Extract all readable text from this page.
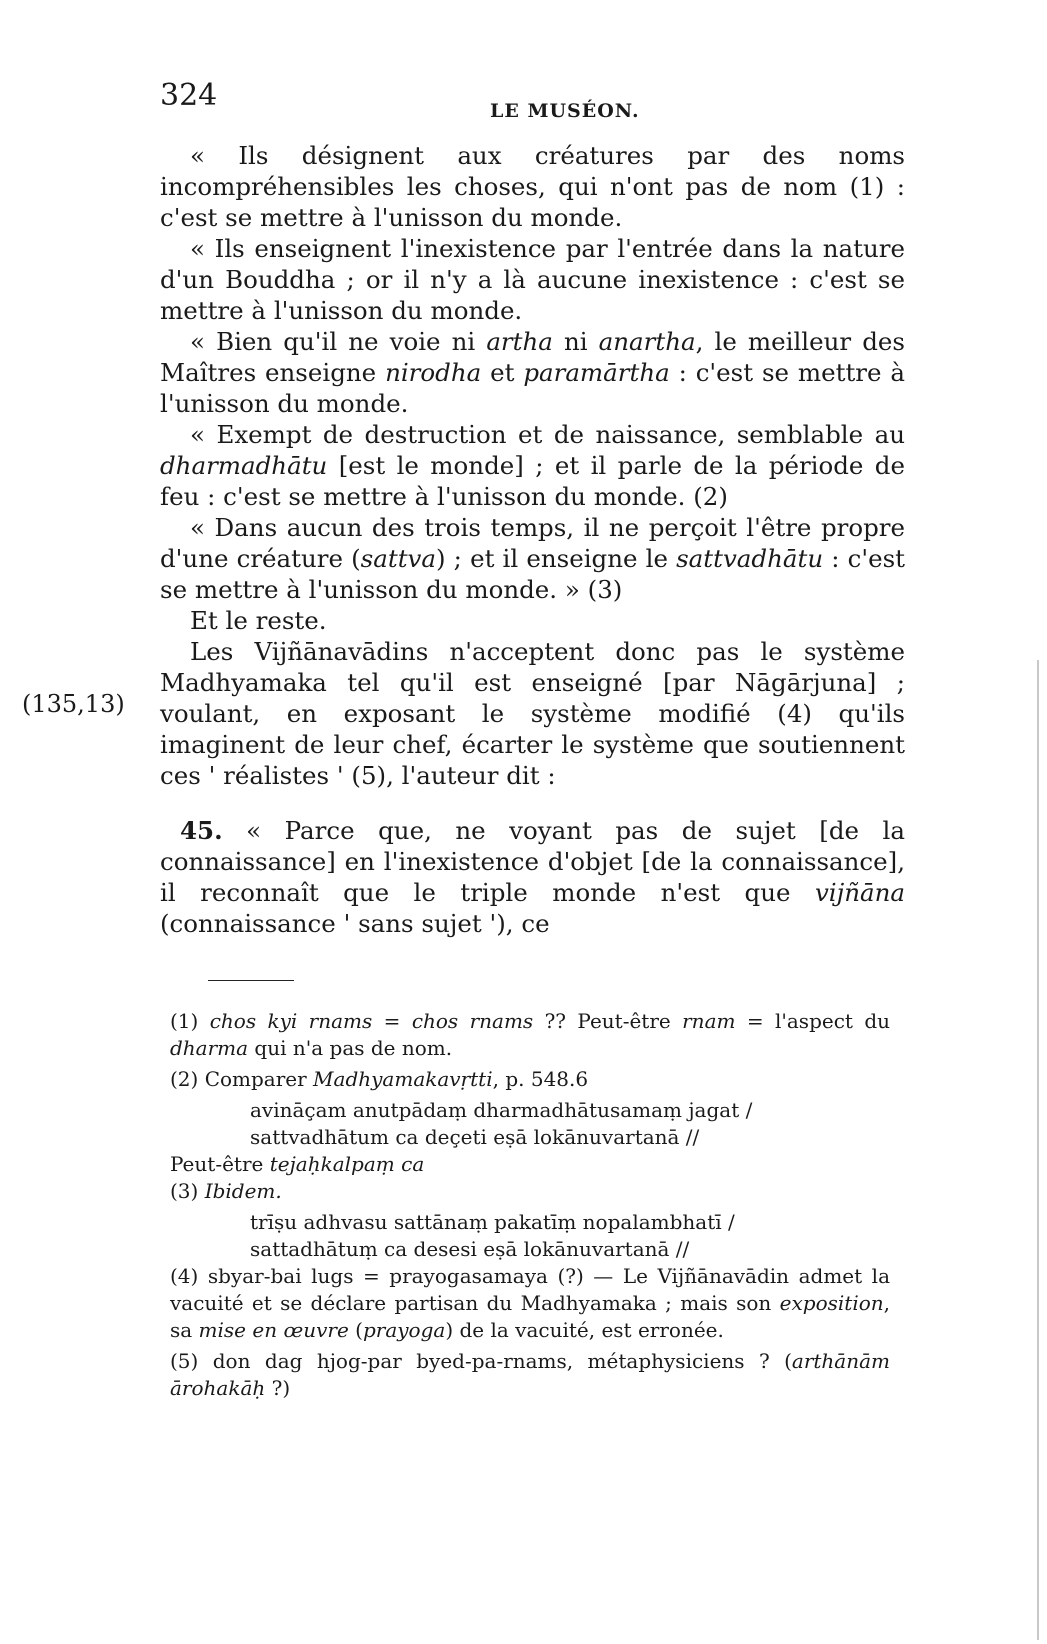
324	LE MUSÉON.
(135,13)

« Ils désignent aux créatures par des noms incompréhensibles les choses, qui n'ont pas de nom (1) : c'est se mettre à l'unisson du monde.

« Ils enseignent l'inexistence par l'entrée dans la nature d'un Bouddha ; or il n'y a là aucune inexistence : c'est se mettre à l'unisson du monde.

« Bien qu'il ne voie ni artha ni anartha, le meilleur des Maîtres enseigne nirodha et paramārtha : c'est se mettre à l'unisson du monde.

« Exempt de destruction et de naissance, semblable au dharmadhātu [est le monde] ; et il parle de la période de feu : c'est se mettre à l'unisson du monde. (2)

« Dans aucun des trois temps, il ne perçoit l'être propre d'une créature (sattva) ; et il enseigne le sattvadhātu : c'est se mettre à l'unisson du monde. » (3)

Et le reste.

Les Vijñānavādins n'acceptent donc pas le système Madhyamaka tel qu'il est enseigné [par Nāgārjuna] ; voulant, en exposant le système modifié (4) qu'ils imaginent de leur chef, écarter le système que soutiennent ces ' réalistes ' (5), l'auteur dit :

45. « Parce que, ne voyant pas de sujet [de la connaissance] en l'inexistence d'objet [de la connaissance], il reconnaît que le triple monde n'est que vijñāna (connaissance ' sans sujet '), ce

(1) chos kyi rnams = chos rnams ?? Peut-être rnam = l'aspect du dharma qui n'a pas de nom.

(2) Comparer Madhyamakavṛtti, p. 548.6

avināçam anutpādaṃ dharmadhātusamaṃ jagat /

sattvadhātum ca deçeti eṣā lokānuvartanā //

Peut-être tejaḥkalpaṃ ca

(3) Ibidem.

trīṣu adhvasu sattānaṃ pakatīṃ nopalambhatī /

sattadhātuṃ ca desesi eṣā lokānuvartanā //

(4) sbyar-bai lugs = prayogasamaya (?) — Le Vijñānavādin admet la vacuité et se déclare partisan du Madhyamaka ; mais son exposition, sa mise en œuvre (prayoga) de la vacuité, est erronée.

(5) don dag hjog-par byed-pa-rnams, métaphysiciens ? (arthānām ārohakāḥ ?)
